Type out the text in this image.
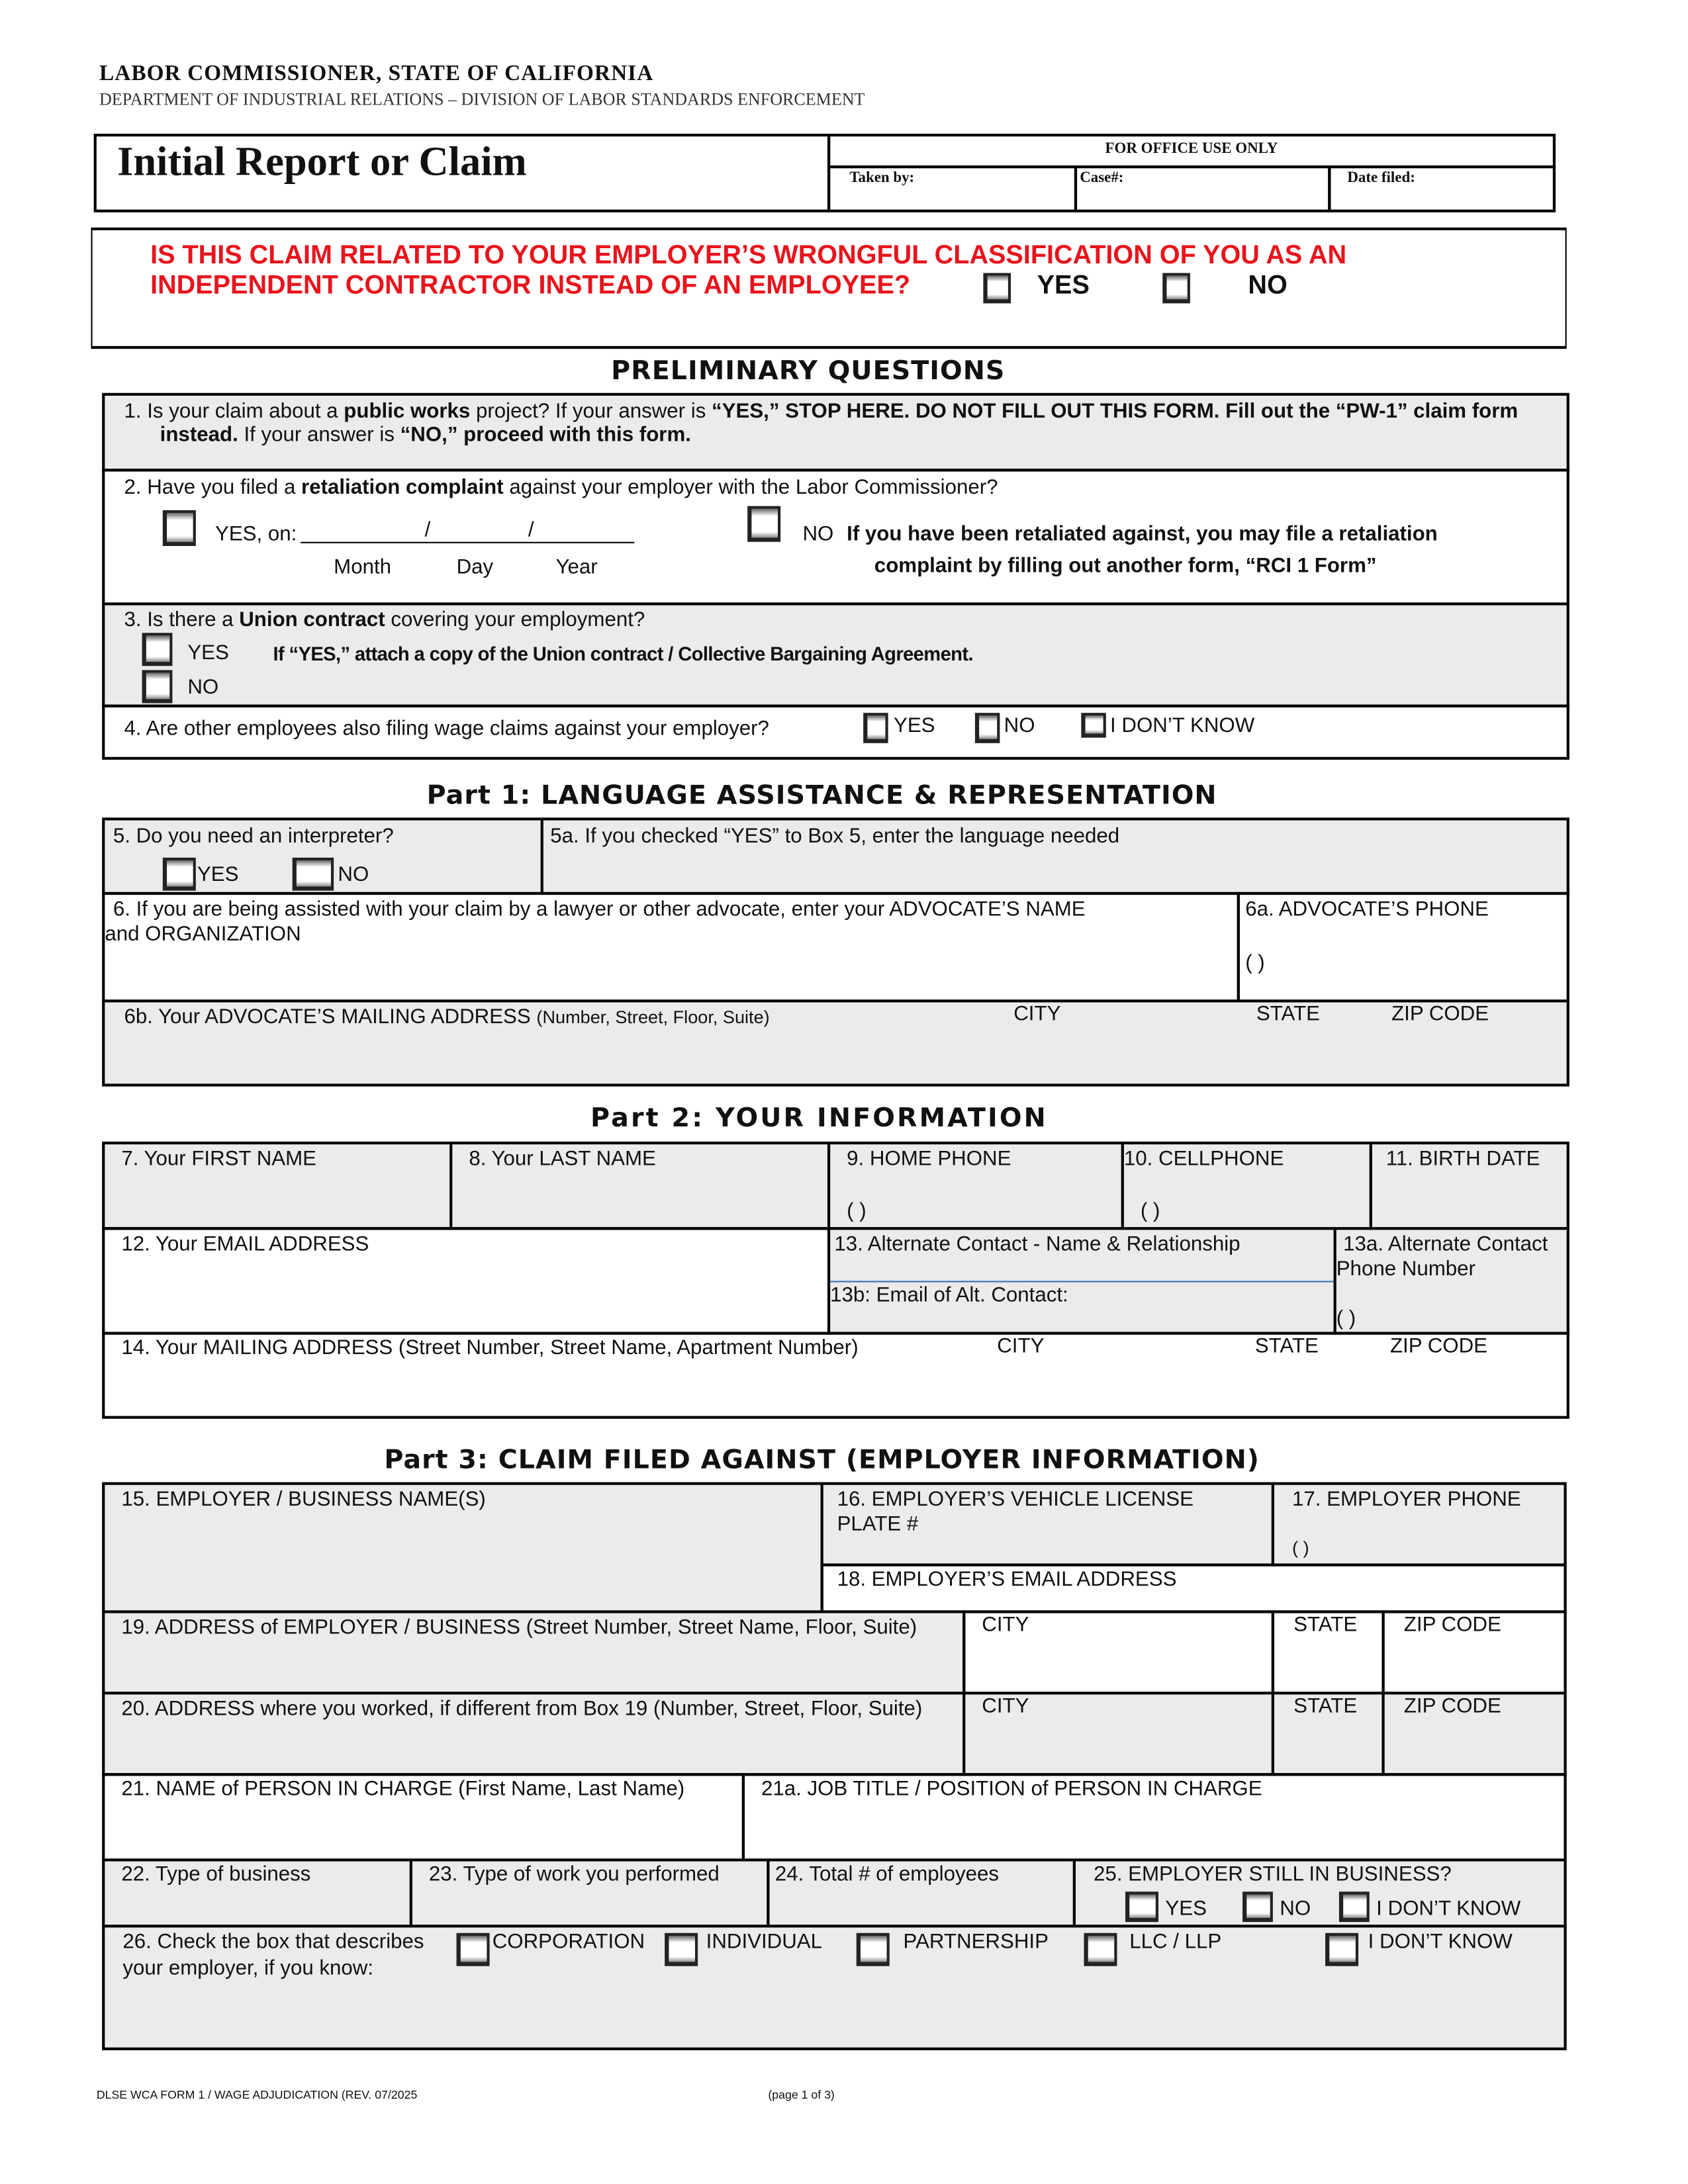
LABOR COMMISSIONER, STATE OF CALIFORNIA
DEPARTMENT OF INDUSTRIAL RELATIONS – DIVISION OF LABOR STANDARDS ENFORCEMENT
Initial Report or Claim	FOR OFFICE USE ONLY
Taken by:	Case#:	Date filed:
IS THIS CLAIM RELATED TO YOUR EMPLOYER’S WRONGFUL CLASSIFICATION OF YOU AS AN
INDEPENDENT CONTRACTOR INSTEAD OF AN EMPLOYEE?	YES	NO
PRELIMINARY QUESTIONS
1. Is your claim about a public works project? If your answer is “YES,” STOP HERE. DO NOT FILL OUT THIS FORM. Fill out the “PW-1” claim form
instead. If your answer is “NO,” proceed with this form.
2. Have you filed a retaliation complaint against your employer with the Labor Commissioner?
YES, on:	/	/
Month	Day	Year
NO If you have been retaliated against, you may file a retaliation
complaint by filling out another form, “RCI 1 Form”
3. Is there a Union contract covering your employment?
YES	If “YES,” attach a copy of the Union contract / Collective Bargaining Agreement.
NO
4. Are other employees also filing wage claims against your employer?	YES	NO	I DON’T KNOW
Part 1: LANGUAGE ASSISTANCE & REPRESENTATION
5. Do you need an interpreter?
YES	NO
5a. If you checked “YES” to Box 5, enter the language needed
6. If you are being assisted with your claim by a lawyer or other advocate, enter your ADVOCATE’S NAME
and ORGANIZATION
6a. ADVOCATE’S PHONE
( )
6b. Your ADVOCATE’S MAILING ADDRESS (Number, Street, Floor, Suite)	CITY	STATE	ZIP CODE
Part 2: YOUR INFORMATION
7. Your FIRST NAME	8. Your LAST NAME	9. HOME PHONE
( )
10. CELLPHONE
( )
11. BIRTH DATE
12. Your EMAIL ADDRESS	13. Alternate Contact - Name & Relationship
13b: Email of Alt. Contact:
13a. Alternate Contact
Phone Number
( )
14. Your MAILING ADDRESS (Street Number, Street Name, Apartment Number)	CITY	STATE	ZIP CODE
Part 3: CLAIM FILED AGAINST (EMPLOYER INFORMATION)
15. EMPLOYER / BUSINESS NAME(S)	16. EMPLOYER’S VEHICLE LICENSE
PLATE #
17. EMPLOYER PHONE
( )
18. EMPLOYER’S EMAIL ADDRESS
19. ADDRESS of EMPLOYER / BUSINESS (Street Number, Street Name, Floor, Suite)	CITY	STATE	ZIP CODE
20. ADDRESS where you worked, if different from Box 19 (Number, Street, Floor, Suite)	CITY	STATE	ZIP CODE
21. NAME of PERSON IN CHARGE (First Name, Last Name)	21a. JOB TITLE / POSITION of PERSON IN CHARGE
22. Type of business	23. Type of work you performed	24. Total # of employees	25. EMPLOYER STILL IN BUSINESS?
YES	NO	I DON’T KNOW
26. Check the box that describes
your employer, if you know:
CORPORATION	INDIVIDUAL	PARTNERSHIP	LLC / LLP	I DON’T KNOW
DLSE WCA FORM 1 / WAGE ADJUDICATION (REV. 07/2025	(page 1 of 3)
